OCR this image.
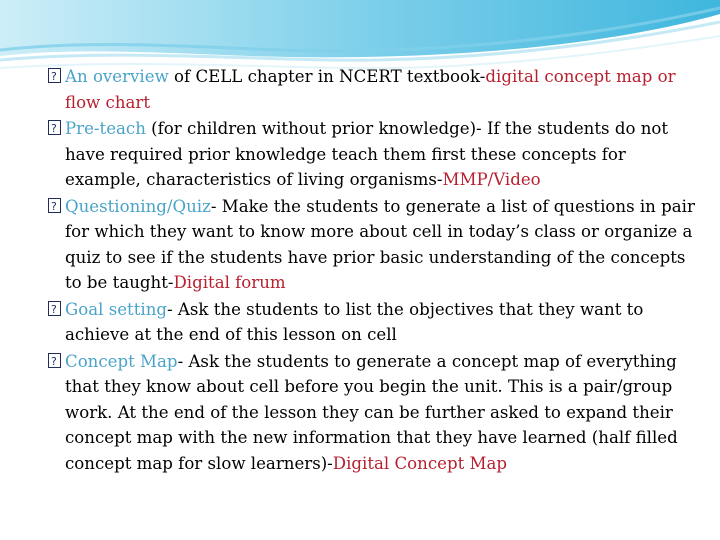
?
An overview of CELL chapter in NCERT textbook-digital concept map or flow chart
?
Pre-teach (for children without prior knowledge)- If the students do not have required prior knowledge teach them first these concepts for example, characteristics of living organisms-MMP/Video
?
Questioning/Quiz- Make the students to generate a list of questions in pair for which they want to know more about cell in today’s class or organize a quiz to see if the students have prior basic understanding of the concepts to be taught-Digital forum
?
Goal setting- Ask the students to list the objectives that they want to achieve at the end of this lesson on cell
?
Concept Map- Ask the students to generate a concept map of everything that they know about cell before you begin the unit. This is a pair/group work. At the end of the lesson they can be further asked to expand their concept map with the new information that they have learned (half filled concept map for slow learners)-Digital Concept Map
